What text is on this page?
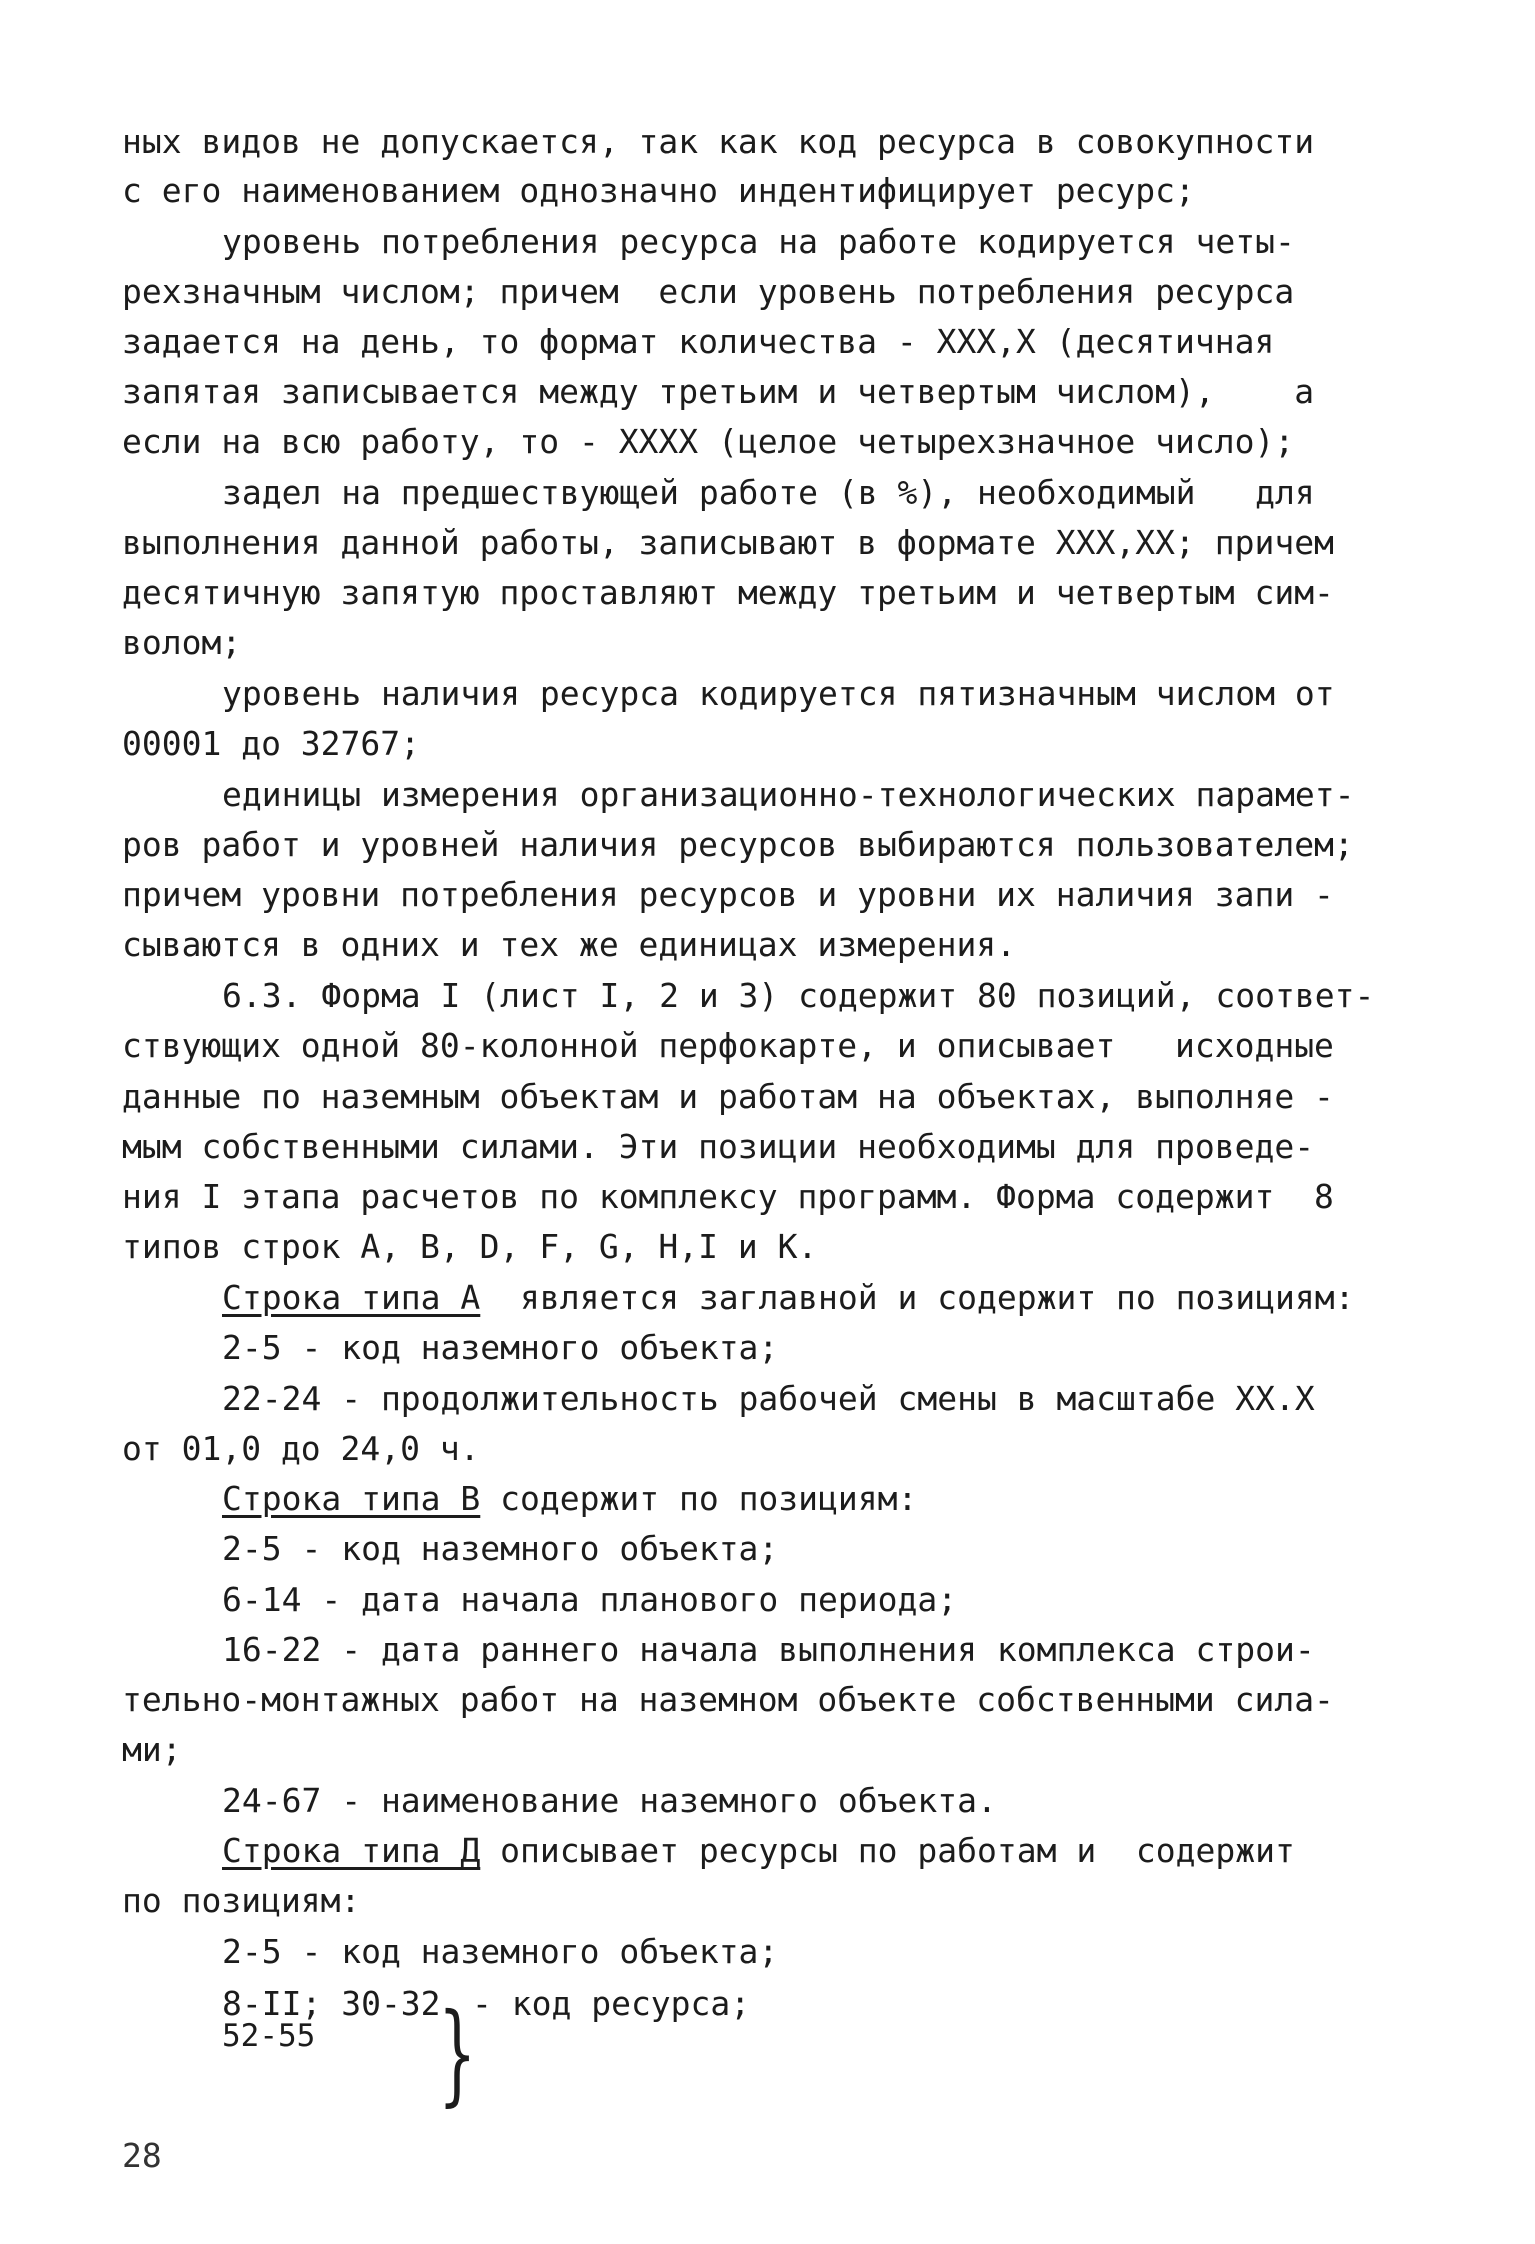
ных видов не допускается, так как код ресурса в совокупности

с его наименованием однозначно индентифицирует ресурс;

уровень потребления ресурса на работе кодируется четы-

рехзначным числом; причем  если уровень потребления ресурса

задается на день, то формат количества - XXX,X (десятичная

запятая записывается между третьим и четвертым числом),    а

если на всю работу, то - XXXX (целое четырехзначное число);

задел на предшествующей работе (в %), необходимый   для

выполнения данной работы, записывают в формате XXX,XX; причем

десятичную запятую проставляют между третьим и четвертым сим-

волом;

уровень наличия ресурса кодируется пятизначным числом от

00001 до 32767;

единицы измерения организационно-технологических парамет-

ров работ и уровней наличия ресурсов выбираются пользователем;

причем уровни потребления ресурсов и уровни их наличия запи -

сываются в одних и тех же единицах измерения.

6.3. Форма I (лист I, 2 и 3) содержит 80 позиций, соответ-

ствующих одной 80-колонной перфокарте, и описывает   исходные

данные по наземным объектам и работам на объектах, выполняе -

мым собственными силами. Эти позиции необходимы для проведе-

ния I этапа расчетов по комплексу программ. Форма содержит  8

типов строк A, B, D, F, G, H,I и K.

Строка типа А является заглавной и содержит по позициям:

2-5 - код наземного объекта;

22-24 - продолжительность рабочей смены в масштабе XX.X

от 01,0 до 24,0 ч.

Строка типа В содержит по позициям:

2-5 - код наземного объекта;

6-14 - дата начала планового периода;

16-22 - дата раннего начала выполнения комплекса строи-

тельно-монтажных работ на наземном объекте собственными сила-

ми;

24-67 - наименование наземного объекта.

Строка типа Д описывает ресурсы по работам и  содержит

по позициям:

2-5 - код наземного объекта;

8-II; 30-32

}

- код ресурса;

52-55

28
